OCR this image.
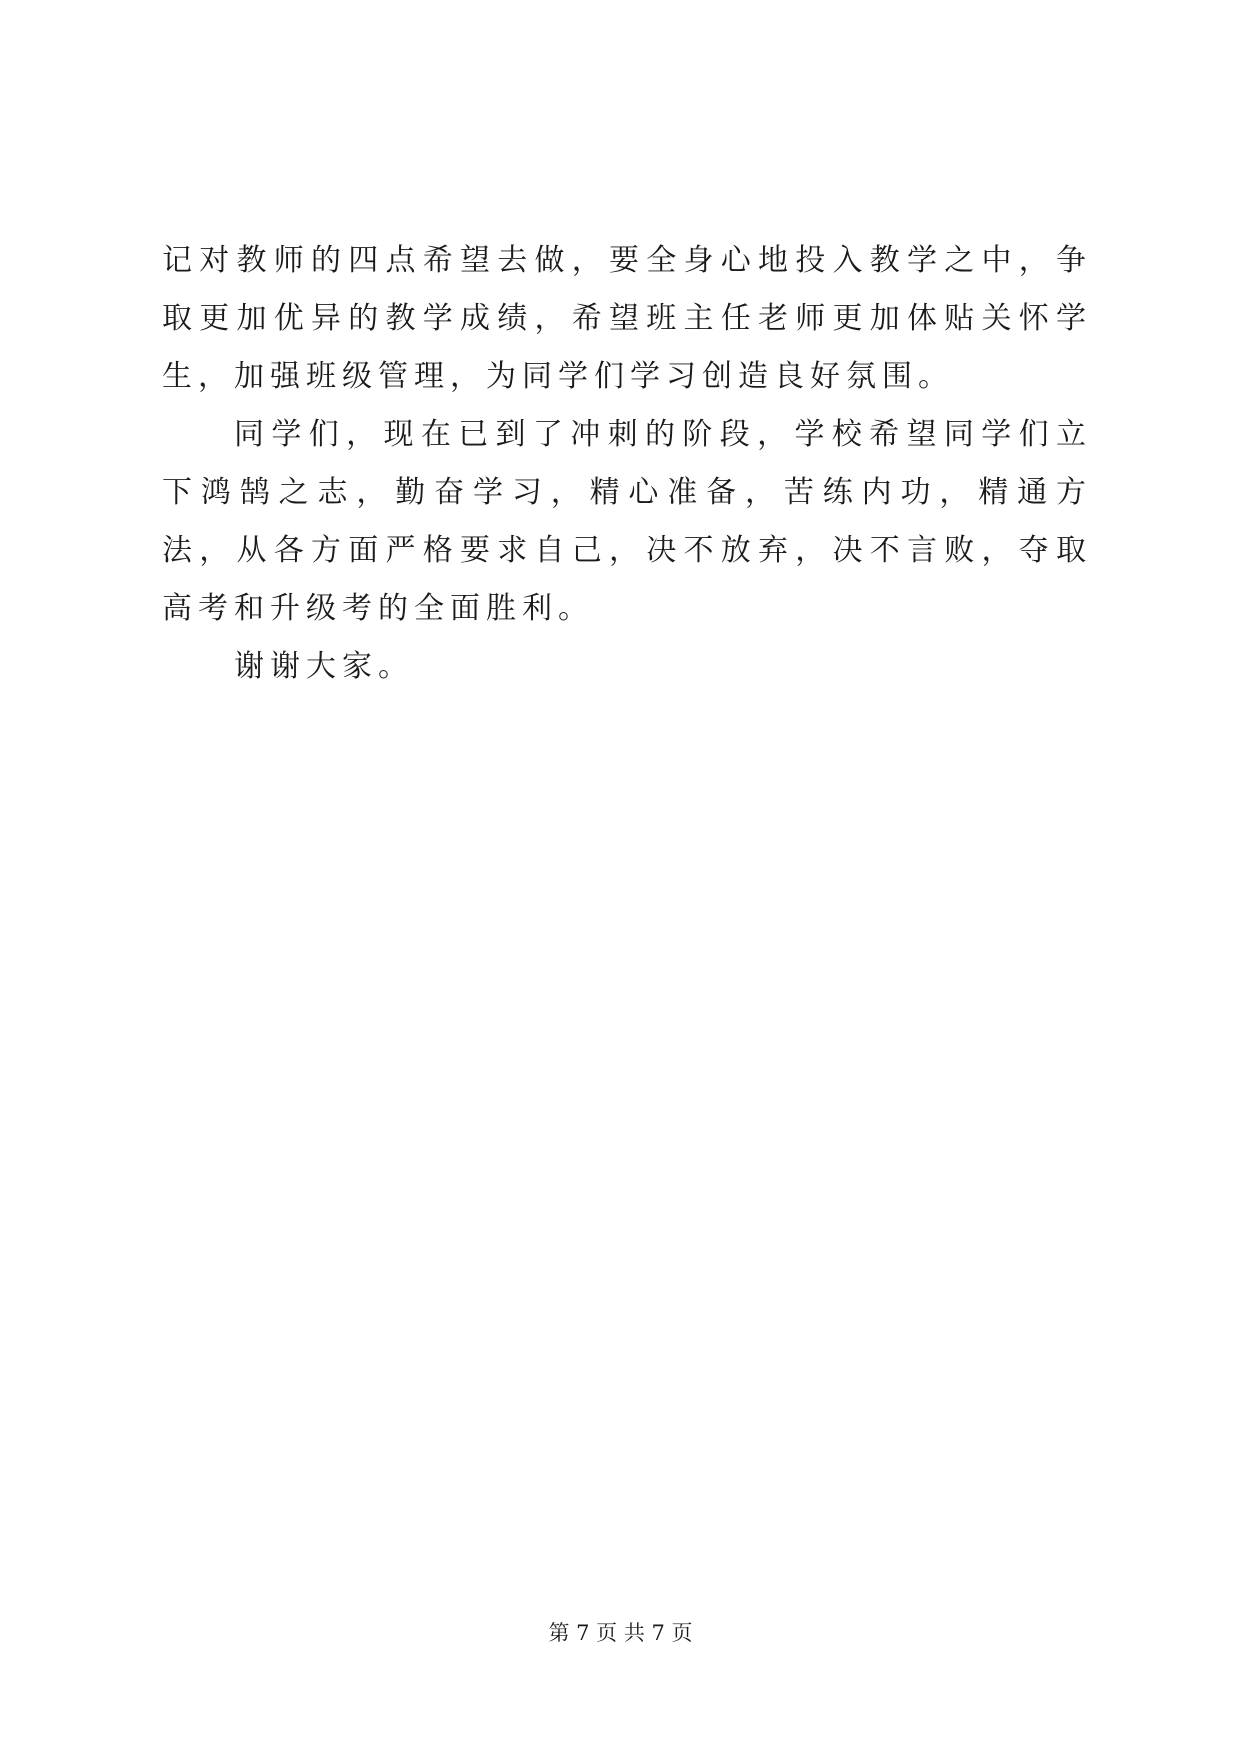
记对教师的四点希望去做，要全身心地投入教学之中，争取更加优异的教学成绩，希望班主任老师更加体贴关怀学生，加强班级管理，为同学们学习创造良好氛围。

同学们，现在已到了冲刺的阶段，学校希望同学们立下鸿鹄之志，勤奋学习，精心准备，苦练内功，精通方法，从各方面严格要求自己，决不放弃，决不言败，夺取高考和升级考的全面胜利。

谢谢大家。

第 7 页 共 7 页
